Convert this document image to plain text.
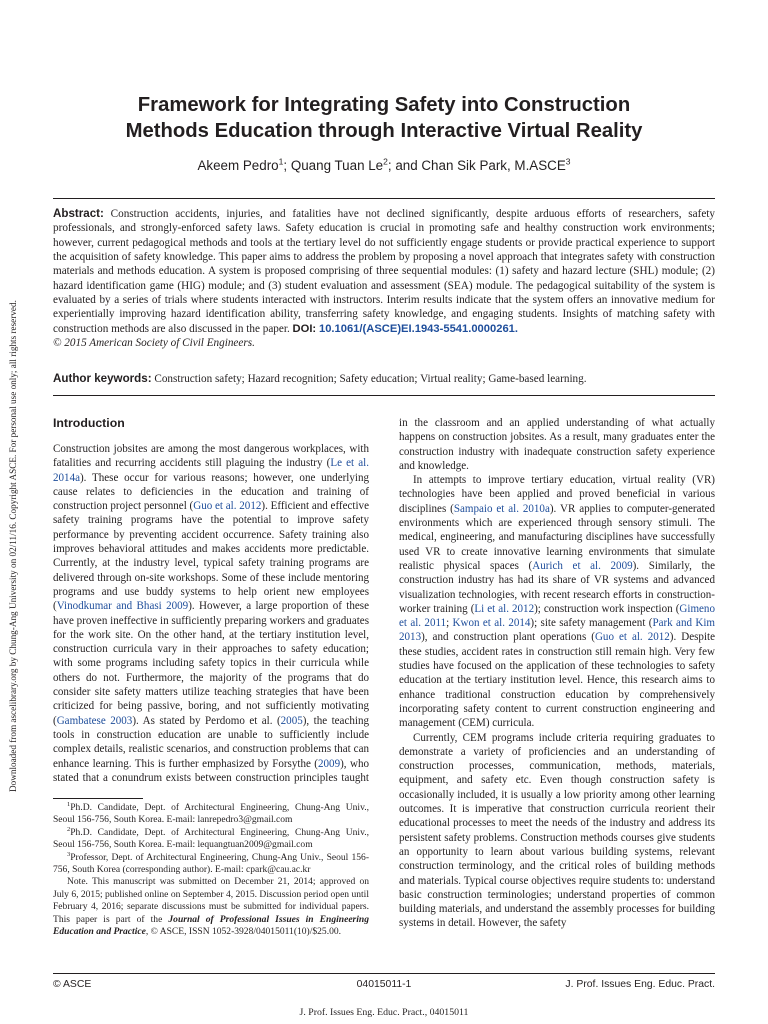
Downloaded from ascelibrary.org by Chung-Ang University on 02/11/16. Copyright ASCE. For personal use only; all rights reserved.
Framework for Integrating Safety into Construction
Methods Education through Interactive Virtual Reality
Akeem Pedro$^1$; Quang Tuan Le$^2$; and Chan Sik Park, M.ASCE$^3$
Abstract: Construction accidents, injuries, and fatalities have not declined significantly, despite arduous efforts of researchers, safety professionals, and strongly-enforced safety laws. Safety education is crucial in promoting safe and healthy construction work environments; however, current pedagogical methods and tools at the tertiary level do not sufficiently engage students or provide practical experience to support the acquisition of safety knowledge. This paper aims to address the problem by proposing a novel approach that integrates safety with construction materials and methods education. A system is proposed comprising of three sequential modules: (1) safety and hazard lecture (SHL) module; (2) hazard identification game (HIG) module; and (3) student evaluation and assessment (SEA) module. The pedagogical suitability of the system is evaluated by a series of trials where students interacted with instructors. Interim results indicate that the system offers an innovative medium for experientially improving hazard identification ability, transferring safety knowledge, and engaging students. Insights of matching safety with construction methods are also discussed in the paper. DOI: 10.1061/(ASCE)EI.1943-5541.0000261.
© 2015 American Society of Civil Engineers.
Author keywords: Construction safety; Hazard recognition; Safety education; Virtual reality; Game-based learning.
Introduction

Construction jobsites are among the most dangerous workplaces, with fatalities and recurring accidents still plaguing the industry (Le et al. 2014a). These occur for various reasons; however, one underlying cause relates to deficiencies in the education and training of construction project personnel (Guo et al. 2012). Efficient and effective safety training programs have the potential to improve safety performance by preventing accident occurrence. Safety training also improves behavioral attitudes and makes accidents more predictable. Currently, at the industry level, typical safety training programs are delivered through on-site workshops. Some of these include mentoring programs and use buddy systems to help orient new employees (Vinodkumar and Bhasi 2009). However, a large proportion of these have proven ineffective in sufficiently preparing workers and graduates for the work site. On the other hand, at the tertiary institution level, construction curricula vary in their approaches to safety education; with some programs including safety topics in their curricula while others do not. Furthermore, the majority of the programs that do consider site safety matters utilize teaching strategies that have been criticized for being passive, boring, and not sufficiently motivating (Gambatese 2003). As stated by Perdomo et al. (2005), the teaching tools in construction education are unable to sufficiently include complex details, realistic scenarios, and construction problems that can enhance learning. This is further emphasized by Forsythe (2009), who stated that a conundrum exists between construction principles taught

$^1$Ph.D. Candidate, Dept. of Architectural Engineering, Chung-Ang Univ., Seoul 156-756, South Korea. E-mail: lanrepedro3@gmail.com

$^2$Ph.D. Candidate, Dept. of Architectural Engineering, Chung-Ang Univ., Seoul 156-756, South Korea. E-mail: lequangtuan2009@gmail.com

$^3$Professor, Dept. of Architectural Engineering, Chung-Ang Univ., Seoul 156-756, South Korea (corresponding author). E-mail: cpark@cau.ac.kr

Note. This manuscript was submitted on December 21, 2014; approved on July 6, 2015; published online on September 4, 2015. Discussion period open until February 4, 2016; separate discussions must be submitted for individual papers. This paper is part of the Journal of Professional Issues in Engineering Education and Practice, © ASCE, ISSN 1052-3928/04015011(10)/$25.00.

in the classroom and an applied understanding of what actually happens on construction jobsites. As a result, many graduates enter the construction industry with inadequate construction safety experience and knowledge.

In attempts to improve tertiary education, virtual reality (VR) technologies have been applied and proved beneficial in various disciplines (Sampaio et al. 2010a). VR applies to computer-generated environments which are experienced through sensory stimuli. The medical, engineering, and manufacturing disciplines have successfully used VR to create innovative learning environments that simulate realistic physical spaces (Aurich et al. 2009). Similarly, the construction industry has had its share of VR systems and advanced visualization technologies, with recent research efforts in construction-worker training (Li et al. 2012); construction work inspection (Gimeno et al. 2011; Kwon et al. 2014); site safety management (Park and Kim 2013), and construction plant operations (Guo et al. 2012). Despite these studies, accident rates in construction still remain high. Very few studies have focused on the application of these technologies to safety education at the tertiary institution level. Hence, this research aims to enhance traditional construction education by comprehensively incorporating safety content to current construction engineering and management (CEM) curricula.

Currently, CEM programs include criteria requiring graduates to demonstrate a variety of proficiencies and an understanding of construction processes, communication, methods, materials, equipment, and safety etc. Even though construction safety is occasionally included, it is usually a low priority among other learning outcomes. It is imperative that construction curricula reorient their educational processes to meet the needs of the industry and address its persistent safety problems. Construction methods courses give students an opportunity to learn about various building systems, relevant construction terminology, and the critical roles of building methods and materials. Typical course objectives require students to: understand basic construction terminologies; understand properties of common building materials, and understand the assembly processes for building systems in detail. However, the safety

© ASCE	04015011-1	J. Prof. Issues Eng. Educ. Pract.
J. Prof. Issues Eng. Educ. Pract., 04015011
